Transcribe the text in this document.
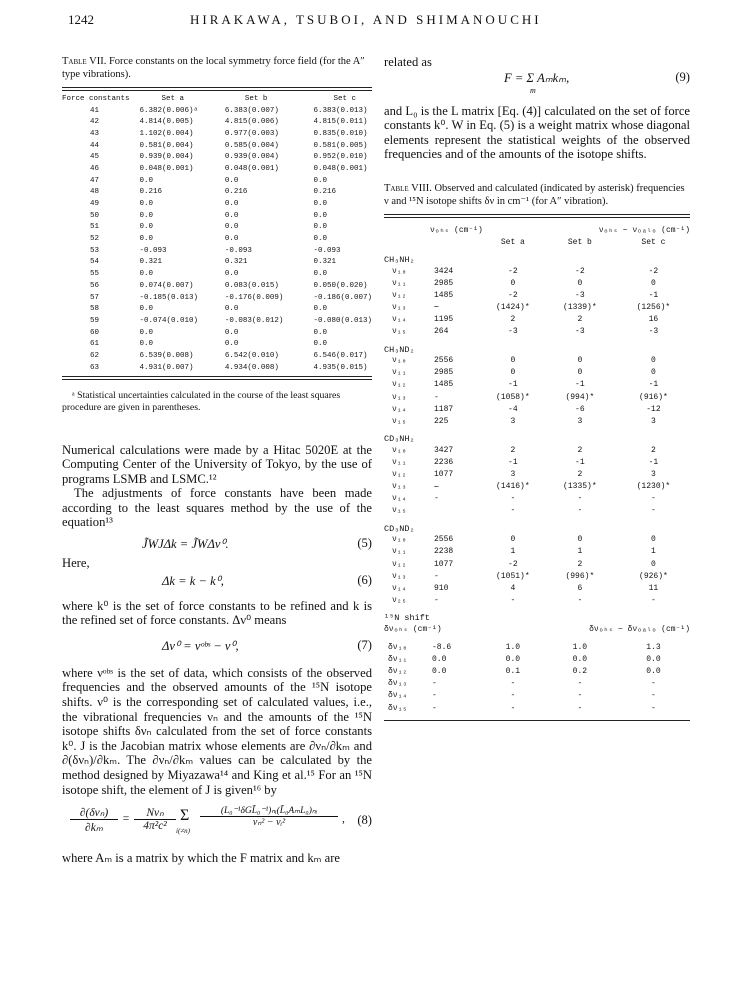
1242	HIRAKAWA, TSUBOI, AND SHIMANOUCHI
Table VII. Force constants on the local symmetry force field (for the A″ type vibrations).
Force constants	Set a	Set b	Set c
41	6.382(0.006)ᵃ	6.383(0.007)	6.383(0.013)
42	4.814(0.005)	4.815(0.006)	4.815(0.011)
43	1.102(0.004)	0.977(0.003)	0.835(0.010)
44	0.581(0.004)	0.585(0.004)	0.581(0.005)
45	0.939(0.004)	0.939(0.004)	0.952(0.010)
46	0.048(0.001)	0.048(0.001)	0.048(0.001)
47	0.0	0.0	0.0
48	0.216	0.216	0.216
49	0.0	0.0	0.0
50	0.0	0.0	0.0
51	0.0	0.0	0.0
52	0.0	0.0	0.0
53	-0.093	-0.093	-0.093
54	0.321	0.321	0.321
55	0.0	0.0	0.0
56	0.074(0.007)	0.083(0.015)	0.050(0.020)
57	-0.185(0.013)	-0.176(0.009)	-0.186(0.007)
58	0.0	0.0	0.0
59	-0.074(0.010)	-0.083(0.012)	-0.080(0.013)
60	0.0	0.0	0.0
61	0.0	0.0	0.0
62	6.539(0.008)	6.542(0.010)	6.546(0.017)
63	4.931(0.007)	4.934(0.008)	4.935(0.015)
ᵃ Statistical uncertainties calculated in the course of the least squares procedure are given in parentheses.
Numerical calculations were made by a Hitac 5020E at the Computing Center of the University of Tokyo, by the use of programs LSMB and LSMC.¹²
The adjustments of force constants have been made according to the least squares method by the use of the equation¹³
J̃WJΔk = J̃WΔν⁰.	(5)
Here,
Δk = k − k⁰,	(6)
where k⁰ is the set of force constants to be refined and k is the refined set of force constants. Δν⁰ means
Δν⁰ = νᵒᵇˢ − ν⁰,	(7)
where νᵒᵇˢ is the set of data, which consists of the observed frequencies and the observed amounts of the ¹⁵N isotope shifts. ν⁰ is the corresponding set of calculated values, i.e., the vibrational frequencies νₙ and the amounts of the ¹⁵N isotope shifts δνₙ calculated from the set of force constants k⁰. J is the Jacobian matrix whose elements are ∂νₙ/∂kₘ and ∂(δνₙ)/∂kₘ. The ∂νₙ/∂kₘ values can be calculated by the method designed by Miyazawa¹⁴ and King et al.¹⁵ For an ¹⁵N isotope shift, the element of J is given¹⁶ by
∂(δνₙ)
∂kₘ
=	Nνₙ
4π²c²
Σ
i(≠n)
(L₀⁻¹δGL̃₀⁻¹)ₙᵢ(L̃₀AₘL₀)ₙᵢ
νₙ² − νᵢ²	, (8)
where Aₘ is a matrix by which the F matrix and kₘ are
related as
F = Σ Aₘkₘ,
m
(9)
and L₀ is the L matrix [Eq. (4)] calculated on the set of force constants k⁰. W in Eq. (5) is a weight matrix whose diagonal elements represent the statistical weights of the observed frequencies and of the amounts of the isotope shifts.
Table VIII. Observed and calculated (indicated by asterisk) frequencies ν and ¹⁵N isotope shifts δν in cm⁻¹ (for A″ vibration).
	νₒₕₛ (cm⁻¹)		νₒₕₛ − νₒₐₗₒ (cm⁻¹)	
		Set a	Set b	Set c
CH₃NH₂				
ν₁₀	3424	-2	-2	-2
ν₁₁	2985	0	0	0
ν₁₂	1485	-2	-3	-1
ν₁₃	∼	(1424)*	(1339)*	(1256)*
ν₁₄	1195	2	2	16
ν₁₅	264	-3	-3	-3
CH₃ND₂				
ν₁₀	2556	0	0	0
ν₁₁	2985	0	0	0
ν₁₂	1485	-1	-1	-1
ν₁₃	-	(1058)*	(994)*	(916)*
ν₁₄	1187	-4	-6	-12
ν₁₅	225	3	3	3
CD₃NH₂				
ν₁₀	3427	2	2	2
ν₁₁	2236	-1	-1	-1
ν₁₂	1077	3	2	3
ν₁₃	∼	(1416)*	(1335)*	(1230)*
ν₁₄	-	-	-	-
ν₁₅		-	-	-
CD₃ND₂				
ν₁₀	2556	0	0	0
ν₁₁	2238	1	1	1
ν₁₂	1077	-2	2	0
ν₁₃	-	(1051)*	(996)*	(926)*
ν₁₄	910	4	6	11
ν₂₅	-	-	-	-
¹⁵N shift				
δνₒₕₛ (cm⁻¹)		δνₒₕₛ − δνₒₐₗₒ (cm⁻¹)		

δν₁₀	-8.6	1.0	1.0	1.3
δν₁₁	0.0	0.0	0.0	0.0
δν₁₂	0.0	0.1	0.2	0.0
δν₁₃	-	-	-	-
δν₁₄	-	-	-	-
δν₁₅	-	-	-	-
